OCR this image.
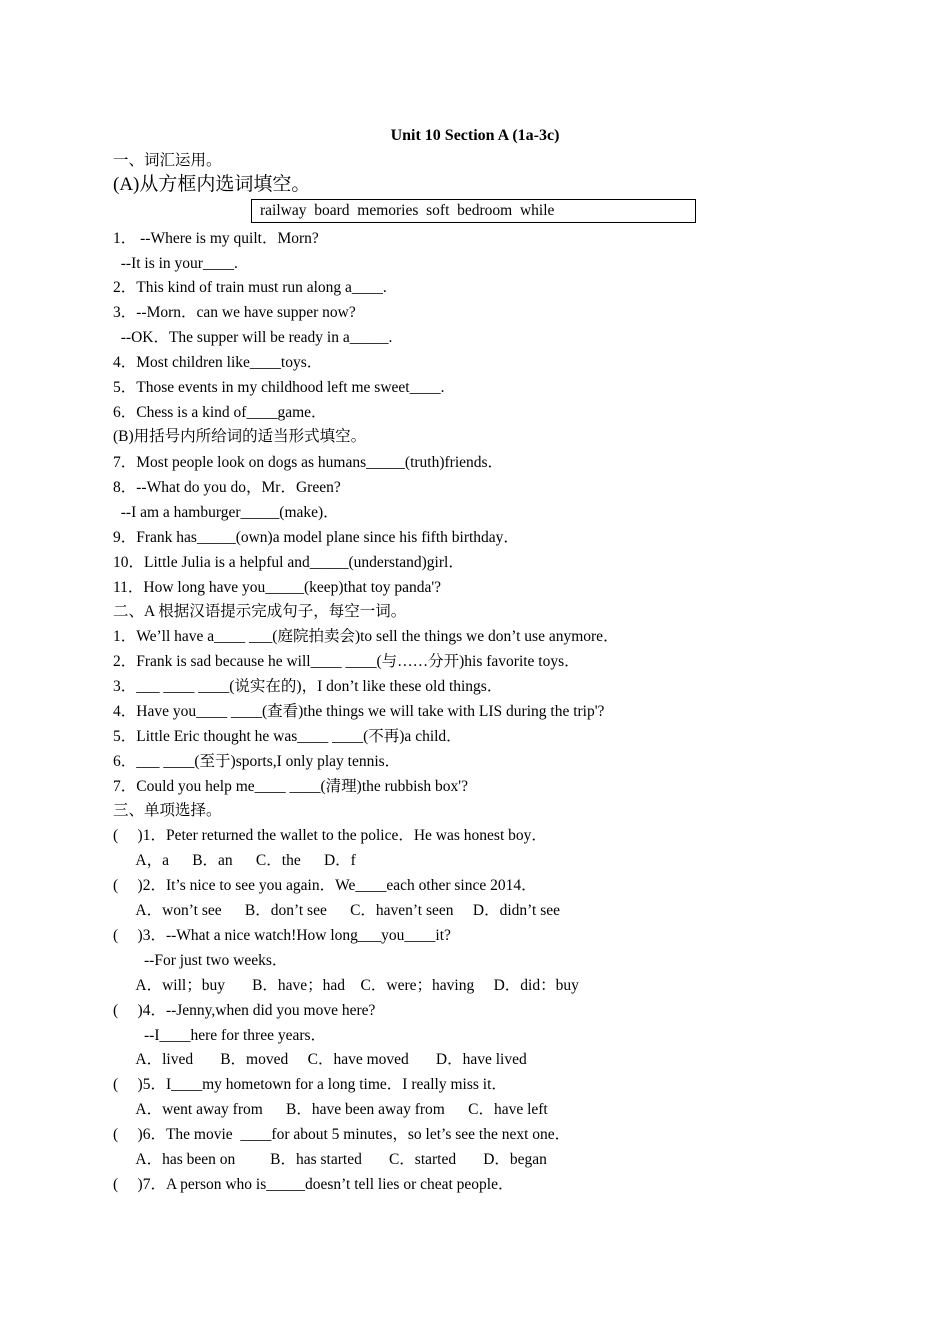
Unit 10 Section A (1a-3c)
一、词汇运用。
(A)从方框内选词填空。
railway  board  memories  soft  bedroom  while
1． --Where is my quilt．Morn?
--It is in your____.
2．This kind of train must run along a____.
3．--Morn．can we have supper now?
--OK．The supper will be ready in a_____.
4．Most children like____toys．
5．Those events in my childhood left me sweet____.
6．Chess is a kind of____game．
(B)用括号内所给词的适当形式填空。
7．Most people look on dogs as humans_____(truth)friends．
8．--What do you do，Mr．Green?
--I am a hamburger_____(make)．
9．Frank has_____(own)a model plane since his fifth birthday．
10．Little Julia is a helpful and_____(understand)girl．
11．How long have you_____(keep)that toy panda'?
二、A 根据汉语提示完成句子，每空一词。
1．We’ll have a____ ___(庭院拍卖会)to sell the things we don’t use anymore．
2．Frank is sad because he will____ ____(与……分开)his favorite toys．
3．___ ____ ____(说实在的)，I don’t like these old things．
4．Have you____ ____(查看)the things we will take with LIS during the trip'?
5．Little Eric thought he was____ ____(不再)a child．
6．___ ____(至于)sports,I only play tennis．
7．Could you help me____ ____(清理)the rubbish box'?
三、单项选择。
(     )1．Peter returned the wallet to the police．He was honest boy．
A，a      B．an      C．the      D．f
(     )2．It’s nice to see you again．We____each other since 2014．
A．won’t see      B．don’t see      C．haven’t seen     D．didn’t see
(     )3．--What a nice watch!How long___you____it?
--For just two weeks．
A．will；buy       B．have；had    C．were；having     D．did：buy
(     )4．--Jenny,when did you move here?
--I____here for three years．
A．lived       B．moved     C．have moved       D．have lived
(     )5．I____my hometown for a long time．I really miss it．
A．went away from      B．have been away from      C．have left
(     )6．The movie  ____for about 5 minutes，so let’s see the next one．
A．has been on         B．has started       C．started       D．began
(     )7．A person who is_____doesn’t tell lies or cheat people．
